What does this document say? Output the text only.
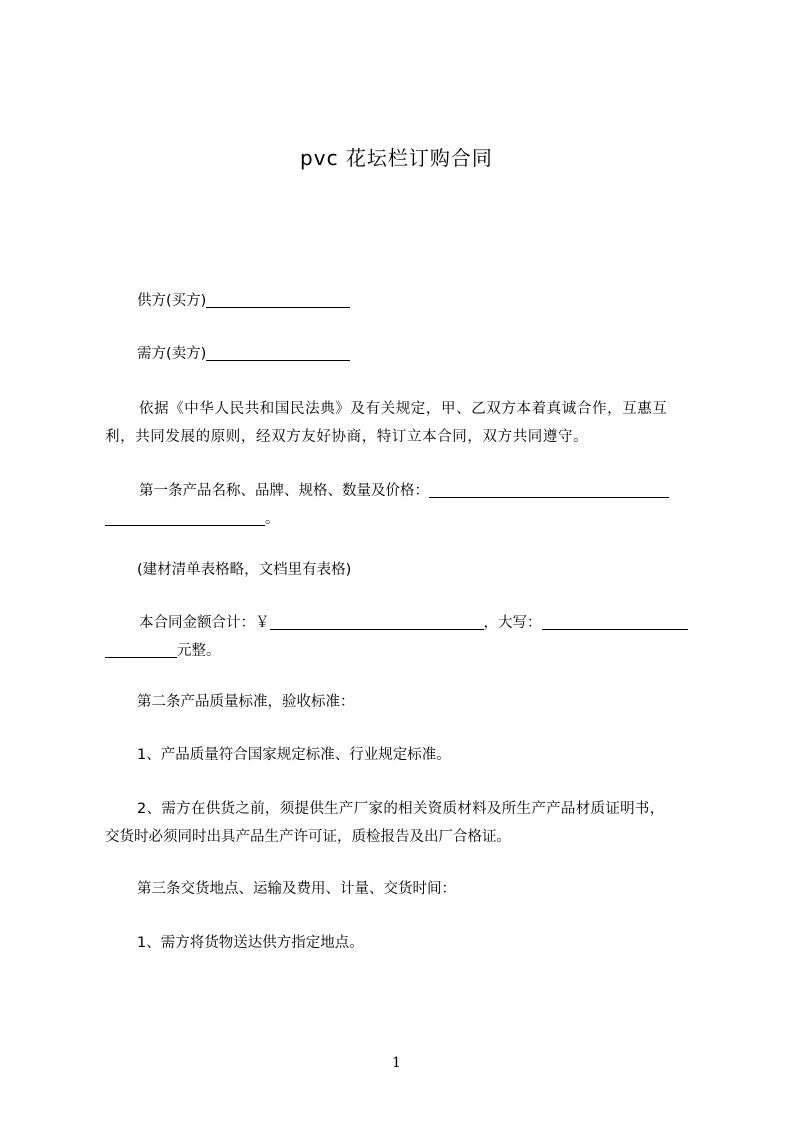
pvc 花坛栏订购合同
供方(买方)
需方(卖方)
依据《中华人民共和国民法典》及有关规定，甲、乙双方本着真诚合作，互惠互
利，共同发展的原则，经双方友好协商，特订立本合同，双方共同遵守。
第一条产品名称、品牌、规格、数量及价格：
。
(建材清单表格略，文档里有表格)
本合同金额合计：￥	，大写：
元整。
第二条产品质量标准，验收标准：
1、产品质量符合国家规定标准、行业规定标准。
2、需方在供货之前，须提供生产厂家的相关资质材料及所生产产品材质证明书，
交货时必须同时出具产品生产许可证，质检报告及出厂合格证。
第三条交货地点、运输及费用、计量、交货时间：
1、需方将货物送达供方指定地点。
1
